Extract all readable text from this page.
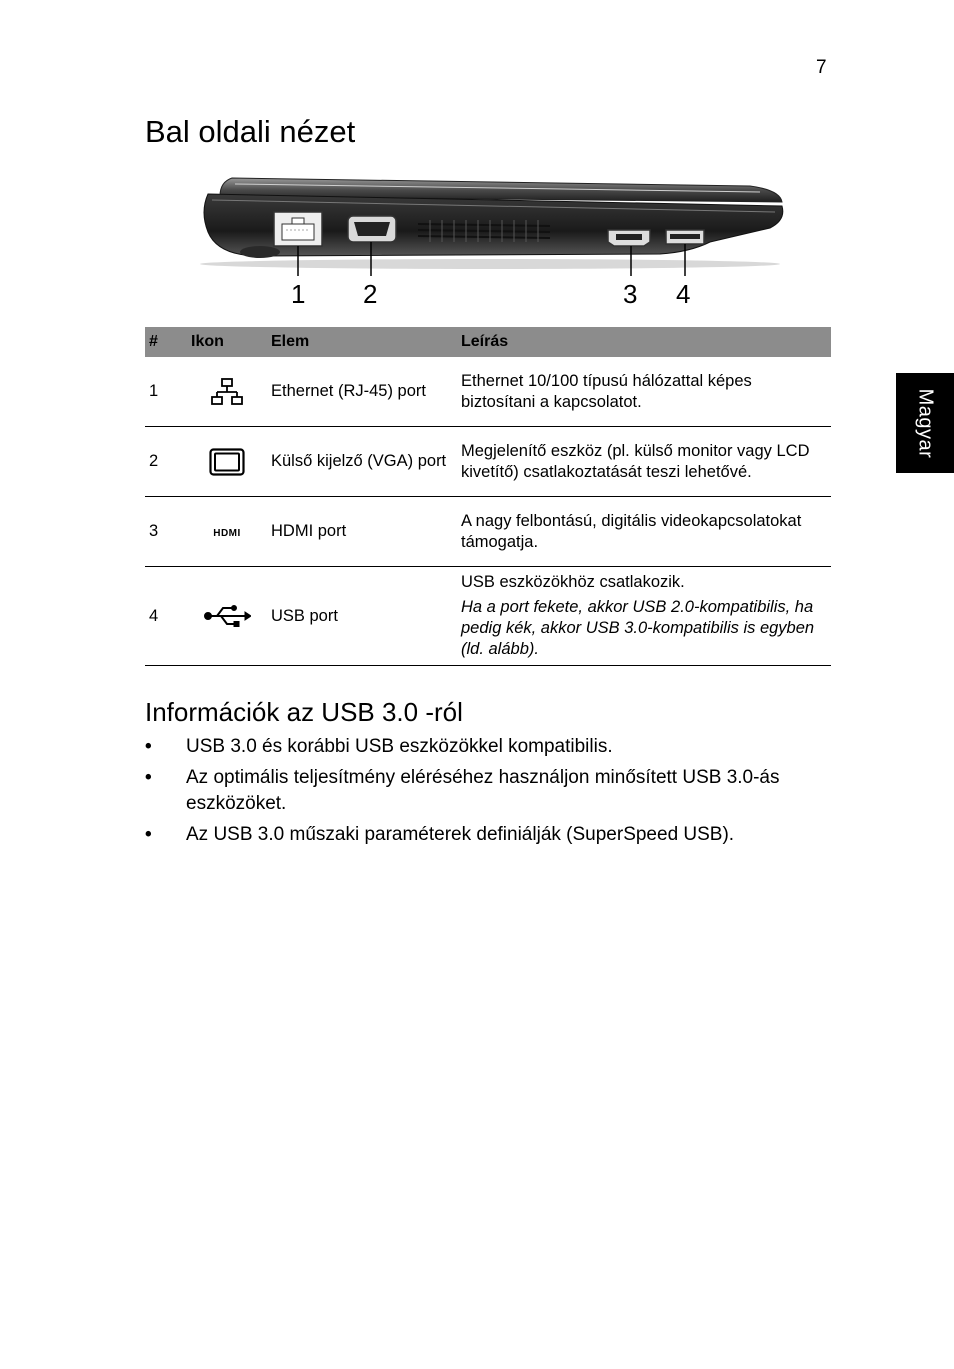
7
Magyar
Bal oldali nézet
1 2	3 4
#	Ikon	Elem	Leírás
1		Ethernet (RJ-45) port	Ethernet 10/100 típusú hálózattal képes biztosítani a kapcsolatot.

2		Külső kijelző (VGA) port	Megjelenítő eszköz (pl. külső monitor vagy LCD kivetítő) csatlakoztatását teszi lehetővé.

3	HDMI	HDMI port	A nagy felbontású, digitális videokapcsolatokat támogatja.

4		USB port	USB eszközökhöz csatlakozik.
Ha a port fekete, akkor USB 2.0-kompatibilis, ha pedig kék, akkor USB 3.0-kompatibilis is egyben (ld. alább).
Információk az USB 3.0 -ról
• USB 3.0 és korábbi USB eszközökkel kompatibilis.
• Az optimális teljesítmény eléréséhez használjon minősített USB 3.0-ás eszközöket.
• Az USB 3.0 műszaki paraméterek definiálják (SuperSpeed USB).
